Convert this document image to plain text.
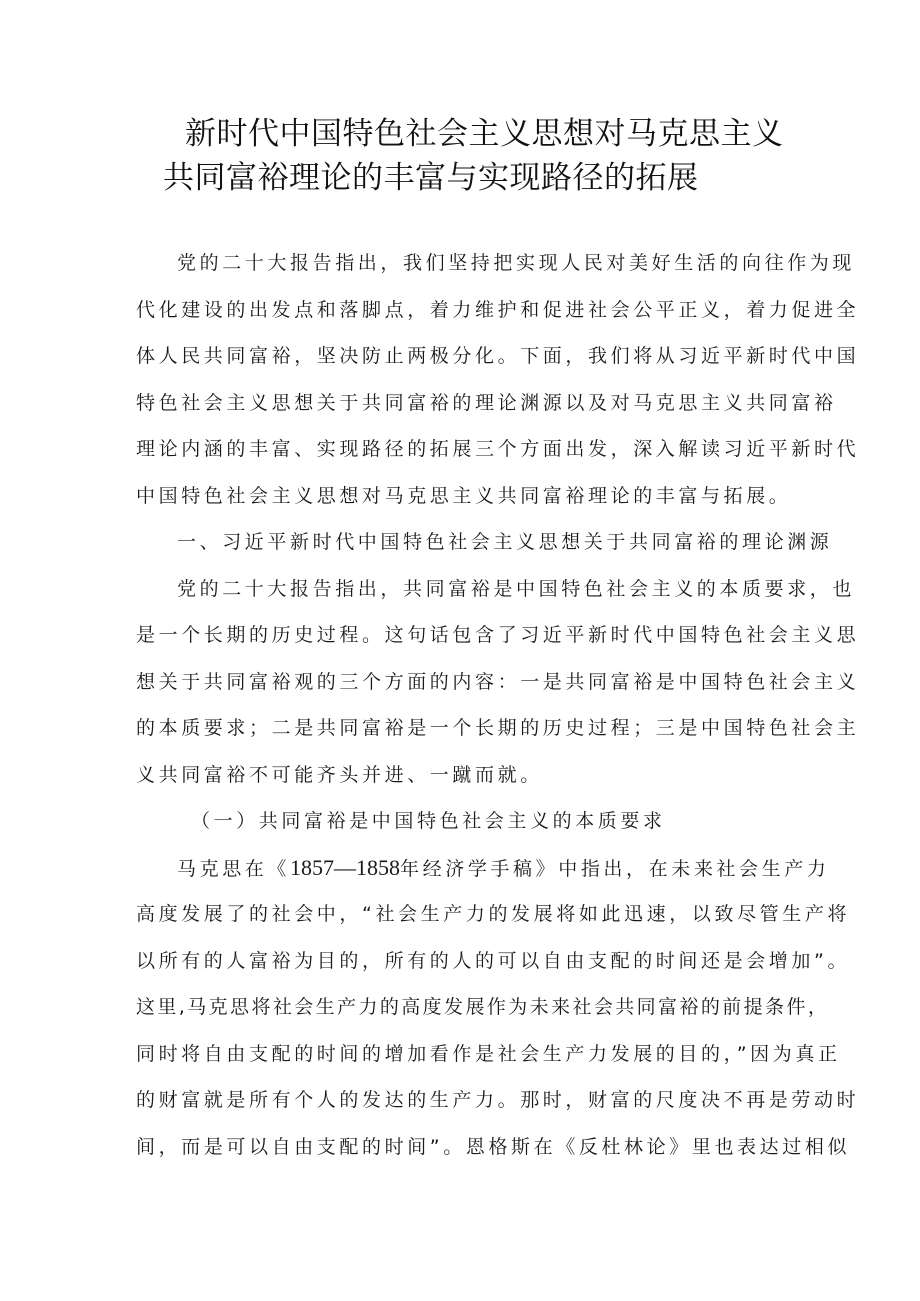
新时代中国特色社会主义思想对马克思主义
共同富裕理论的丰富与实现路径的拓展
党的二十大报告指出，我们坚持把实现人民对美好生活的向往作为现
代化建设的出发点和落脚点，着力维护和促进社会公平正义，着力促进全
体人民共同富裕，坚决防止两极分化。下面，我们将从习近平新时代中国
特色社会主义思想关于共同富裕的理论渊源以及对马克思主义共同富裕
理论内涵的丰富、实现路径的拓展三个方面出发，深入解读习近平新时代
中国特色社会主义思想对马克思主义共同富裕理论的丰富与拓展。
一、习近平新时代中国特色社会主义思想关于共同富裕的理论渊源
党的二十大报告指出，共同富裕是中国特色社会主义的本质要求，也
是一个长期的历史过程。这句话包含了习近平新时代中国特色社会主义思
想关于共同富裕观的三个方面的内容：一是共同富裕是中国特色社会主义
的本质要求；二是共同富裕是一个长期的历史过程；三是中国特色社会主
义共同富裕不可能齐头并进、一蹴而就。
（一）共同富裕是中国特色社会主义的本质要求
马克思在《1857—1858年经济学手稿》中指出，在未来社会生产力
高度发展了的社会中，“社会生产力的发展将如此迅速，以致尽管生产将
以所有的人富裕为目的，所有的人的可以自由支配的时间还是会增加”。
这里,马克思将社会生产力的高度发展作为未来社会共同富裕的前提条件，
同时将自由支配的时间的增加看作是社会生产力发展的目的，”因为真正
的财富就是所有个人的发达的生产力。那时，财富的尺度决不再是劳动时
间，而是可以自由支配的时间”。恩格斯在《反杜林论》里也表达过相似
